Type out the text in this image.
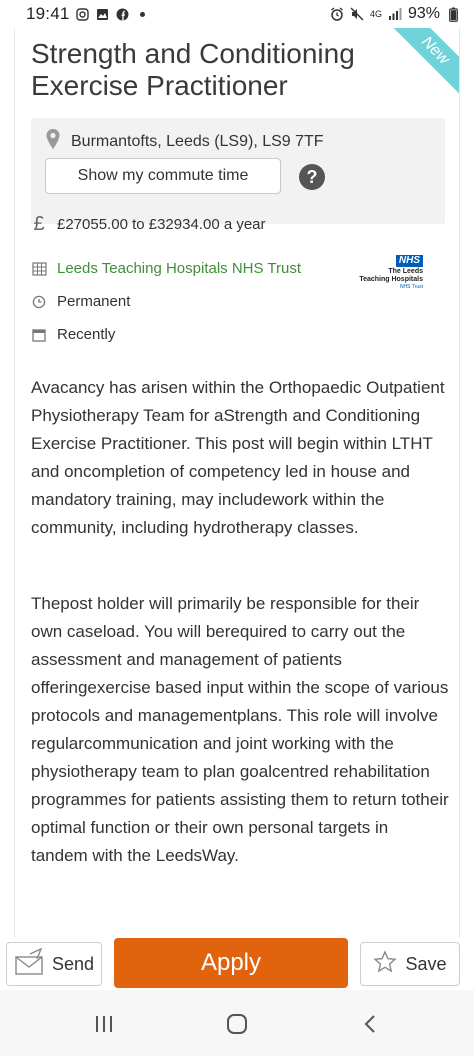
19:41	4G 93%
New
Strength and Conditioning Exercise Practitioner
Burmantofts, Leeds (LS9), LS9 7TF
Show my commute time	?
£ £27055.00 to £32934.00 a year
Leeds Teaching Hospitals NHS Trust	NHS
The Leeds
Teaching Hospitals
NHS Trust
Permanent
Recently

Avacancy has arisen within the Orthopaedic Outpatient Physiotherapy Team for aStrength and Conditioning Exercise Practitioner. This post will begin within LTHT and oncompletion of competency led in house and mandatory training, may includework within the community, including hydrotherapy classes.

Thepost holder will primarily be responsible for their own caseload. You will berequired to carry out the assessment and management of patients offeringexercise based input within the scope of various protocols and managementplans. This role will involve regularcommunication and joint working with the physiotherapy team to plan goalcentred rehabilitation programmes for patients assisting them to return totheir optimal function or their own personal targets in tandem with the LeedsWay.

Send	Apply	Save
